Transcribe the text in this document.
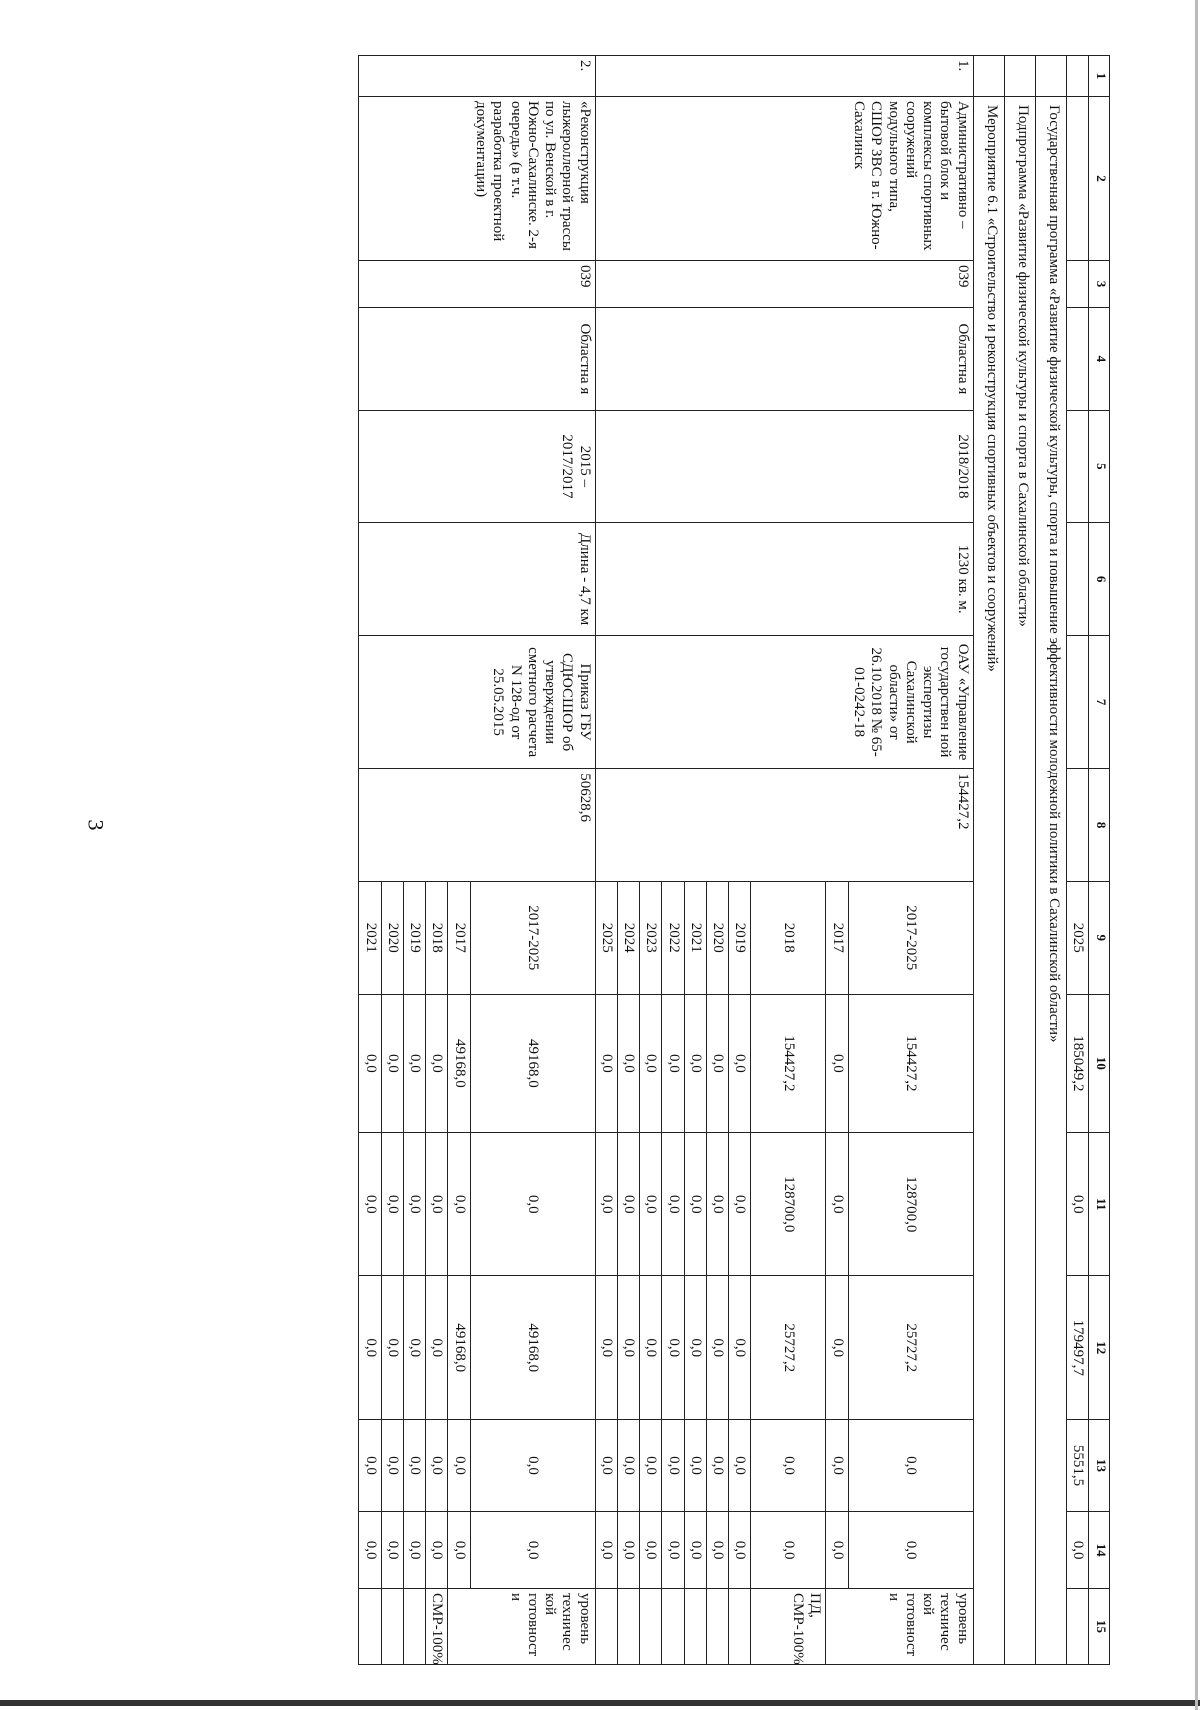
3
1	2	3	4	5	6	7	8	9	10	11	12	13	14	15
								2025	185049,2	0,0	179497,7	5551,5	0,0	
	Государственная программа «Развитие физической культуры, спорта и повышение эффективности молодежной политики в Сахалинской области»													
	Подпрограмма «Развитие физической культуры и спорта в Сахалинской области»													
	Мероприятие 6.1 «Строительство и реконструкция спортивных объектов и сооружений»													
1.	Административно – бытовой блок и комплексы спортивных сооружений модульного типа, СШОР ЗВС в г. Южно-Сахалинск	039	Областна я	2018/2018	1230 кв. м.	ОАУ «Управление государствен ной экспертизы Сахалинской области» от 26.10.2018 № 65-01-0242-18	154427,2	2017-2025	154427,2	128700,0	25727,2	0,0	0,0	уровень техничес кой готовност и
								2017	0,0	0,0	0,0	0,0	0,0	
								2018	154427,2	128700,0	25727,2	0,0	0,0	ПД, СМР-100%
								2019	0,0	0,0	0,0	0,0	0,0	
								2020	0,0	0,0	0,0	0,0	0,0	
								2021	0,0	0,0	0,0	0,0	0,0	
								2022	0,0	0,0	0,0	0,0	0,0	
								2023	0,0	0,0	0,0	0,0	0,0	
								2024	0,0	0,0	0,0	0,0	0,0	
								2025	0,0	0,0	0,0	0,0	0,0	
2.	«Реконструкция лыжероллерной трассы по ул. Венской в г. Южно-Сахалинске. 2-я очередь» (в т.ч. разработка проектной документации)	039	Областна я	2015 – 2017/2017	Длина - 4,7 км	Приказ ГБУ СДЮСШОР об утверждении сметного расчета N 128-од от 25.05.2015	50628,6	2017-2025	49168,0	0,0	49168,0	0,0	0,0	уровень техничес кой готовност и
								2017	49168,0	0,0	49168,0	0,0	0,0	
								2018	0,0	0,0	0,0	0,0	0,0	СМР-100%
								2019	0,0	0,0	0,0	0,0	0,0	
								2020	0,0	0,0	0,0	0,0	0,0	
								2021	0,0	0,0	0,0	0,0	0,0	
